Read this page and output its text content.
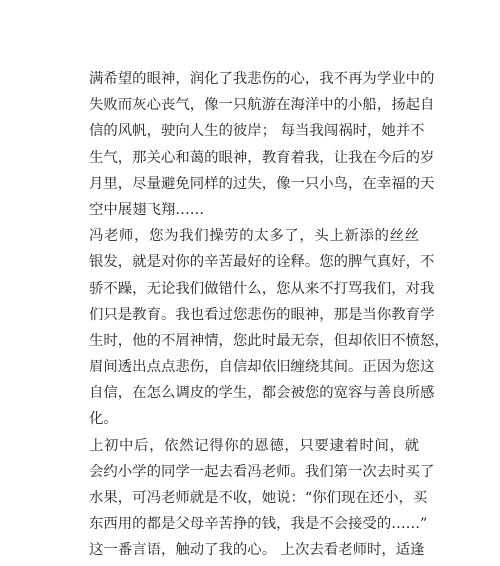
满希望的眼神，润化了我悲伤的心，我不再为学业中的
失败而灰心丧气，像一只航游在海洋中的小船，扬起自
信的风帆，驶向人生的彼岸； 每当我闯祸时，她并不
生气，那关心和蔼的眼神，教育着我，让我在今后的岁
月里，尽量避免同样的过失，像一只小鸟，在幸福的天
空中展翅飞翔……
冯老师，您为我们操劳的太多了，头上新添的丝丝
银发，就是对你的辛苦最好的诠释。您的脾气真好，不
骄不躁，无论我们做错什么，您从来不打骂我们，对我
们只是教育。我也看过您悲伤的眼神，那是当你教育学
生时，他的不屑神情，您此时最无奈，但却依旧不愤怒，
眉间透出点点悲伤，自信却依旧缠绕其间。正因为您这
自信，在怎么调皮的学生，都会被您的宽容与善良所感
化。
上初中后，依然记得你的恩德，只要逮着时间，就
会约小学的同学一起去看冯老师。我们第一次去时买了
水果，可冯老师就是不收，她说：“你们现在还小，买
东西用的都是父母辛苦挣的钱，我是不会接受的……”
这一番言语，触动了我的心。 上次去看老师时，适逢
